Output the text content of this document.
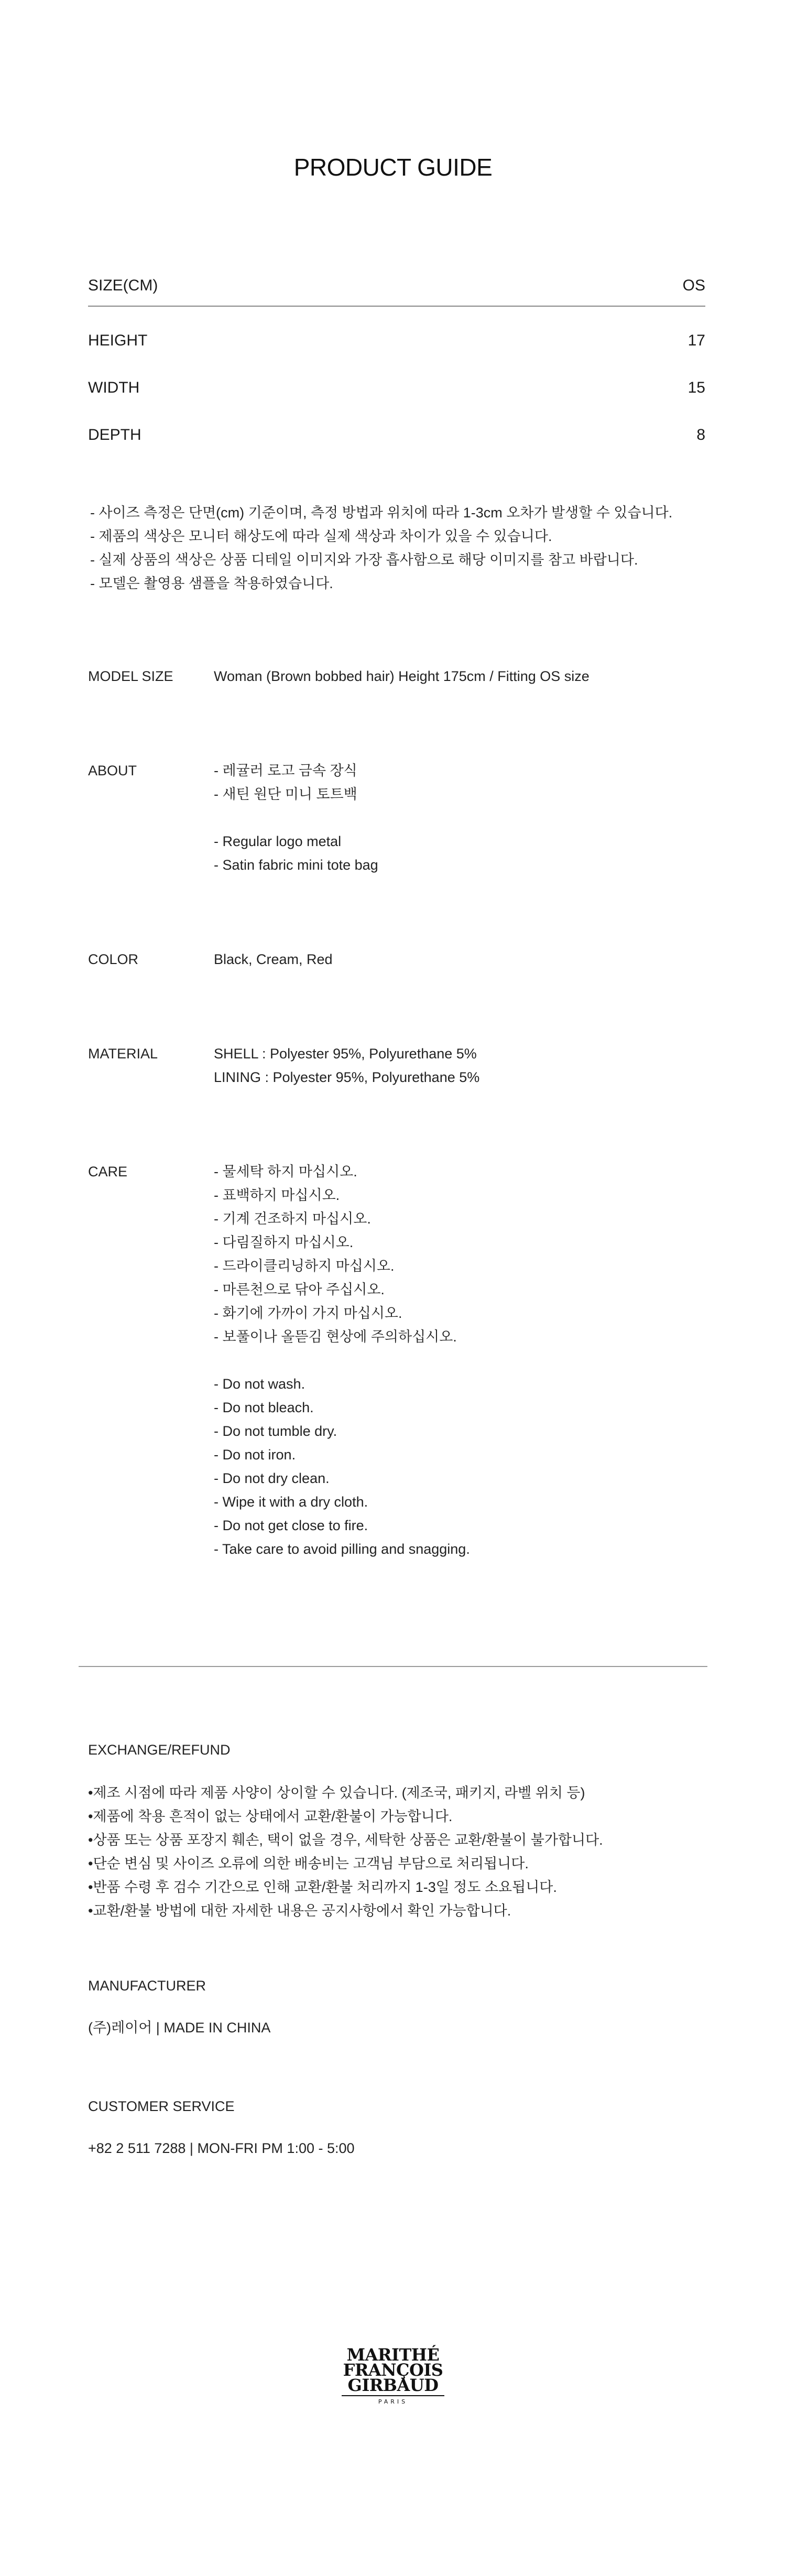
PRODUCT GUIDE
SIZE(CM)	OS
HEIGHT	17
WIDTH	15
DEPTH	8
- 사이즈 측정은 단면(cm) 기준이며, 측정 방법과 위치에 따라 1-3cm 오차가 발생할 수 있습니다.
- 제품의 색상은 모니터 해상도에 따라 실제 색상과 차이가 있을 수 있습니다.
- 실제 상품의 색상은 상품 디테일 이미지와 가장 흡사함으로 해당 이미지를 참고 바랍니다.
- 모델은 촬영용 샘플을 착용하였습니다.
MODEL SIZE	Woman (Brown bobbed hair) Height 175cm / Fitting OS size
ABOUT	- 레귤러 로고 금속 장식
- 새틴 원단 미니 토트백
- Regular logo metal
- Satin fabric mini tote bag
COLOR	Black, Cream, Red
MATERIAL	SHELL : Polyester 95%, Polyurethane 5%
LINING : Polyester 95%, Polyurethane 5%
CARE	- 물세탁 하지 마십시오.
- 표백하지 마십시오.
- 기계 건조하지 마십시오.
- 다림질하지 마십시오.
- 드라이클리닝하지 마십시오.
- 마른천으로 닦아 주십시오.
- 화기에 가까이 가지 마십시오.
- 보풀이나 올뜯김 현상에 주의하십시오.
- Do not wash.
- Do not bleach.
- Do not tumble dry.
- Do not iron.
- Do not dry clean.
- Wipe it with a dry cloth.
- Do not get close to fire.
- Take care to avoid pilling and snagging.
EXCHANGE/REFUND
•제조 시점에 따라 제품 사양이 상이할 수 있습니다. (제조국, 패키지, 라벨 위치 등)
•제품에 착용 흔적이 없는 상태에서 교환/환불이 가능합니다.
•상품 또는 상품 포장지 훼손, 택이 없을 경우, 세탁한 상품은 교환/환불이 불가합니다.
•단순 변심 및 사이즈 오류에 의한 배송비는 고객님 부담으로 처리됩니다.
•반품 수령 후 검수 기간으로 인해 교환/환불 처리까지 1-3일 정도 소요됩니다.
•교환/환불 방법에 대한 자세한 내용은 공지사항에서 확인 가능합니다.
MANUFACTURER
(주)레이어 | MADE IN CHINA
CUSTOMER SERVICE
+82 2 511 7288 | MON-FRI PM 1:00 - 5:00
MARITHÉ
FRANÇOIS
GIRBAUD
PARIS
